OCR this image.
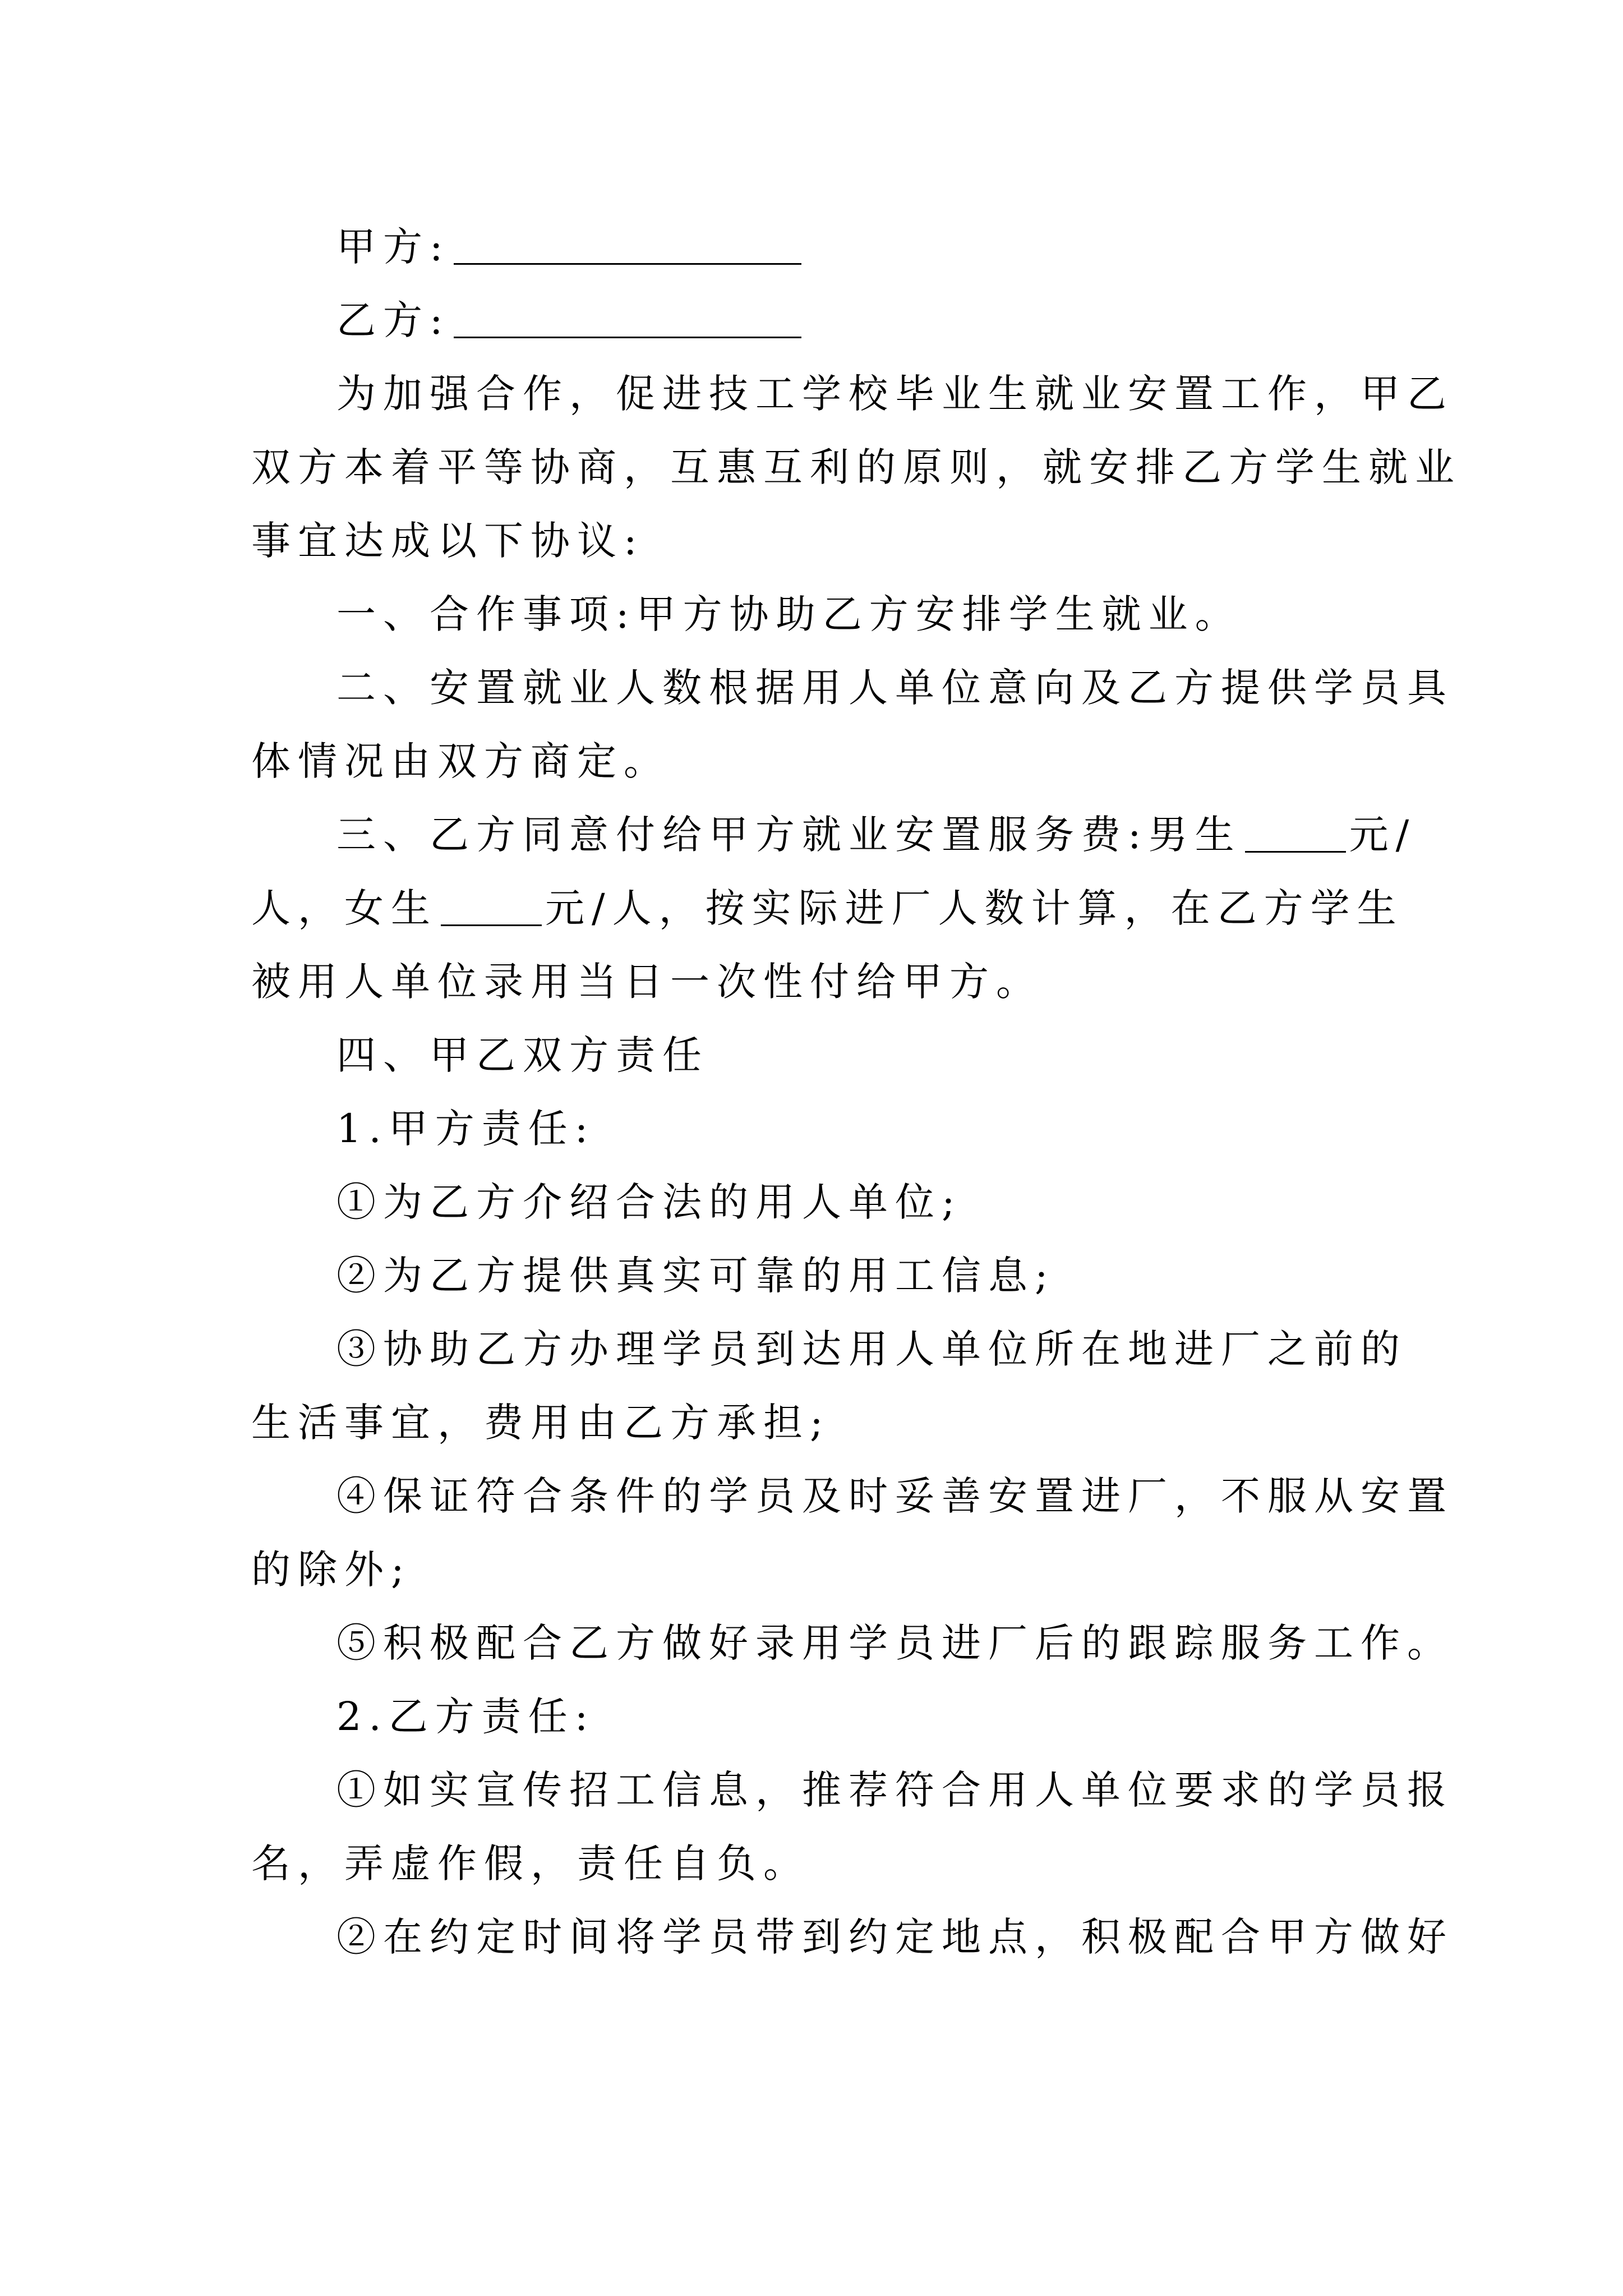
甲方:
乙方:
为加强合作，促进技工学校毕业生就业安置工作，甲乙
双方本着平等协商，互惠互利的原则，就安排乙方学生就业
事宜达成以下协议:
一、合作事项:甲方协助乙方安排学生就业。
二、安置就业人数根据用人单位意向及乙方提供学员具
体情况由双方商定。
三、乙方同意付给甲方就业安置服务费:男生	元/
人，女生	元/人，按实际进厂人数计算，在乙方学生
被用人单位录用当日一次性付给甲方。
四、甲乙双方责任
1.甲方责任:
①为乙方介绍合法的用人单位;
②为乙方提供真实可靠的用工信息;
③协助乙方办理学员到达用人单位所在地进厂之前的
生活事宜，费用由乙方承担;
④保证符合条件的学员及时妥善安置进厂，不服从安置
的除外;
⑤积极配合乙方做好录用学员进厂后的跟踪服务工作。
2.乙方责任:
①如实宣传招工信息，推荐符合用人单位要求的学员报
名，弄虚作假，责任自负。
②在约定时间将学员带到约定地点，积极配合甲方做好
